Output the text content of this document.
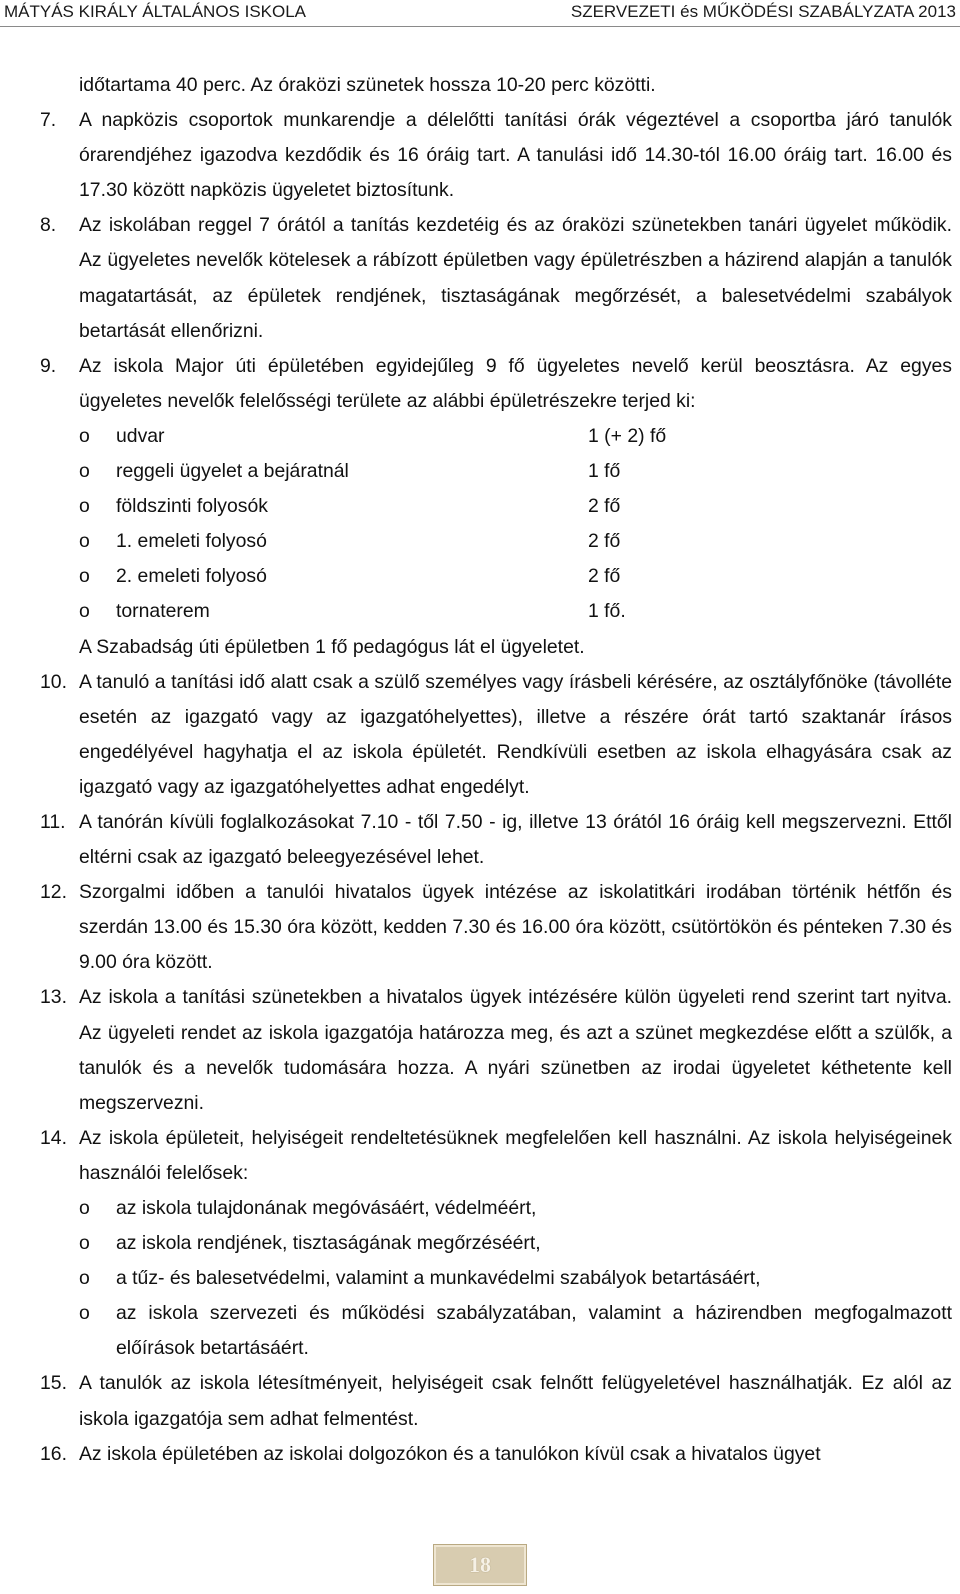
MÁTYÁS KIRÁLY ÁLTALÁNOS ISKOLA	SZERVEZETI és MŰKÖDÉSI SZABÁLYZATA 2013
időtartama 40 perc. Az óraközi szünetek hossza 10-20 perc közötti.
7.	A napközis csoportok munkarendje a délelőtti tanítási órák végeztével a csoportba járó tanulók órarendjéhez igazodva kezdődik és 16 óráig tart. A tanulási idő 14.30-tól 16.00 óráig tart. 16.00 és 17.30 között napközis ügyeletet biztosítunk.
8.	Az iskolában reggel 7 órától a tanítás kezdetéig és az óraközi szünetekben tanári ügyelet működik. Az ügyeletes nevelők kötelesek a rábízott épületben vagy épületrészben a házirend alapján a tanulók magatartását, az épületek rendjének, tisztaságának megőrzését, a balesetvédelmi szabályok betartását ellenőrizni.
9.	Az iskola Major úti épületében egyidejűleg 9 fő ügyeletes nevelő kerül beosztásra. Az egyes ügyeletes nevelők felelősségi területe az alábbi épületrészekre terjed ki:
o	udvar	1 (+ 2) fő
o	reggeli ügyelet a bejáratnál	1 fő
o	földszinti folyosók	2 fő
o	1. emeleti folyosó	2 fő
o	2. emeleti folyosó	2 fő
o	tornaterem	1 fő.
A Szabadság úti épületben 1 fő pedagógus lát el ügyeletet.
10. A tanuló a tanítási idő alatt csak a szülő személyes vagy írásbeli kérésére, az osztályfőnöke (távolléte esetén az igazgató vagy az igazgatóhelyettes), illetve a részére órát tartó szaktanár írásos engedélyével hagyhatja el az iskola épületét. Rendkívüli esetben az iskola elhagyására csak az igazgató vagy az igazgatóhelyettes adhat engedélyt.
11. A tanórán kívüli foglalkozásokat 7.10 - től 7.50 - ig, illetve 13 órától 16 óráig kell megszervezni. Ettől eltérni csak az igazgató beleegyezésével lehet.
12. Szorgalmi időben a tanulói hivatalos ügyek intézése az iskolatitkári irodában történik hétfőn és szerdán 13.00 és 15.30 óra között, kedden 7.30 és 16.00 óra között, csütörtökön és pénteken 7.30 és 9.00 óra között.
13. Az iskola a tanítási szünetekben a hivatalos ügyek intézésére külön ügyeleti rend szerint tart nyitva. Az ügyeleti rendet az iskola igazgatója határozza meg, és azt a szünet megkezdése előtt a szülők, a tanulók és a nevelők tudomására hozza. A nyári szünetben az irodai ügyeletet kéthetente kell megszervezni.
14. Az iskola épületeit, helyiségeit rendeltetésüknek megfelelően kell használni. Az iskola helyiségeinek használói felelősek:
o	az iskola tulajdonának megóvásáért, védelméért,
o	az iskola rendjének, tisztaságának megőrzéséért,
o	a tűz- és balesetvédelmi, valamint a munkavédelmi szabályok betartásáért,
o	az iskola szervezeti és működési szabályzatában, valamint a házirendben megfogalmazott előírások betartásáért.
15. A tanulók az iskola létesítményeit, helyiségeit csak felnőtt felügyeletével használhatják. Ez alól az iskola igazgatója sem adhat felmentést.
16. Az iskola épületében az iskolai dolgozókon és a tanulókon kívül csak a hivatalos ügyet
18
